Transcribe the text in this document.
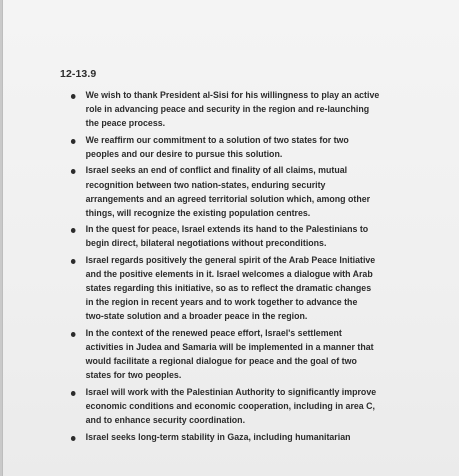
12-13.9
We wish to thank President al-Sisi for his willingness to play an active
role in advancing peace and security in the region and re-launching
the peace process.
We reaffirm our commitment to a solution of two states for two
peoples and our desire to pursue this solution.
Israel seeks an end of conflict and finality of all claims, mutual
recognition between two nation-states, enduring security
arrangements and an agreed territorial solution which, among other
things, will recognize the existing population centres.
In the quest for peace, Israel extends its hand to the Palestinians to
begin direct, bilateral negotiations without preconditions.
Israel regards positively the general spirit of the Arab Peace Initiative
and the positive elements in it. Israel welcomes a dialogue with Arab
states regarding this initiative, so as to reflect the dramatic changes
in the region in recent years and to work together to advance the
two-state solution and a broader peace in the region.
In the context of the renewed peace effort, Israel's settlement
activities in Judea and Samaria will be implemented in a manner that
would facilitate a regional dialogue for peace and the goal of two
states for two peoples.
Israel will work with the Palestinian Authority to significantly improve
economic conditions and economic cooperation, including in area C,
and to enhance security coordination.
Israel seeks long-term stability in Gaza, including humanitarian
